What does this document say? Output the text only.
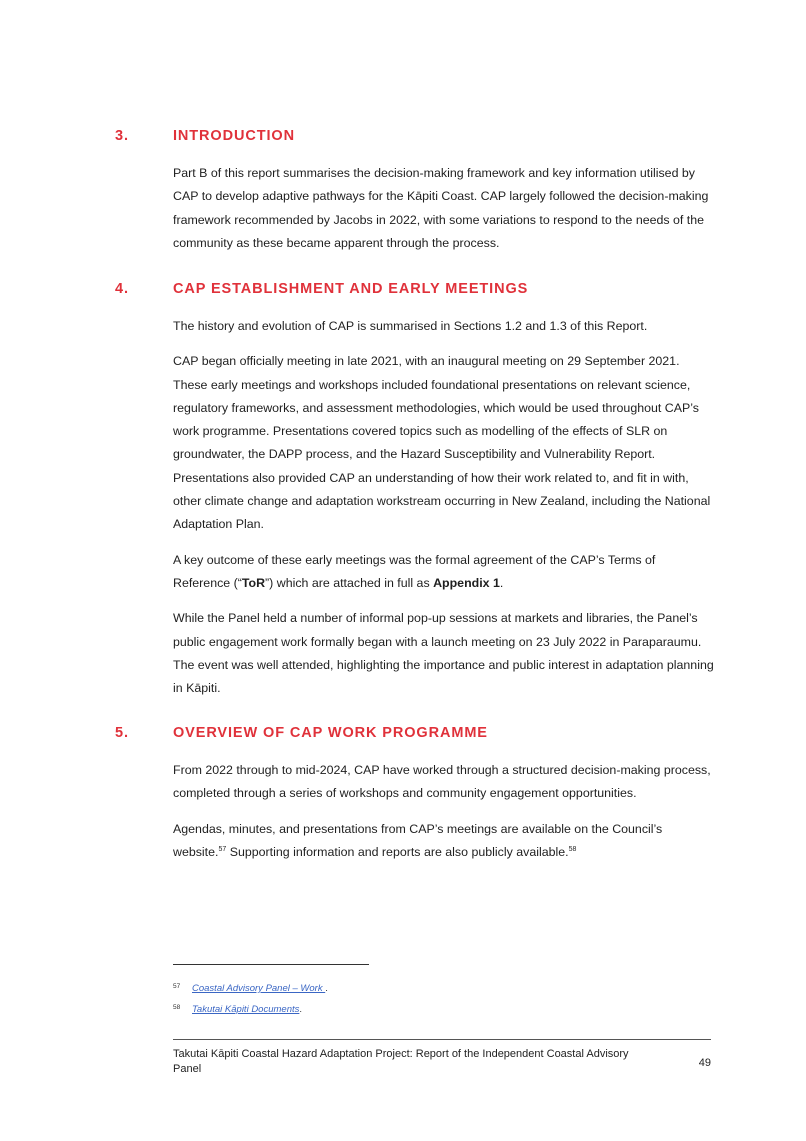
3.	INTRODUCTION

Part B of this report summarises the decision-making framework and key information utilised by CAP to develop adaptive pathways for the Kāpiti Coast. CAP largely followed the decision-making framework recommended by Jacobs in 2022, with some variations to respond to the needs of the community as these became apparent through the process.

4.	CAP ESTABLISHMENT AND EARLY MEETINGS

The history and evolution of CAP is summarised in Sections 1.2 and 1.3 of this Report.

CAP began officially meeting in late 2021, with an inaugural meeting on 29 September 2021. These early meetings and workshops included foundational presentations on relevant science, regulatory frameworks, and assessment methodologies, which would be used throughout CAP’s work programme. Presentations covered topics such as modelling of the effects of SLR on groundwater, the DAPP process, and the Hazard Susceptibility and Vulnerability Report. Presentations also provided CAP an understanding of how their work related to, and fit in with, other climate change and adaptation workstream occurring in New Zealand, including the National Adaptation Plan.

A key outcome of these early meetings was the formal agreement of the CAP’s Terms of Reference (“ToR”) which are attached in full as Appendix 1.

While the Panel held a number of informal pop-up sessions at markets and libraries, the Panel’s public engagement work formally began with a launch meeting on 23 July 2022 in Paraparaumu. The event was well attended, highlighting the importance and public interest in adaptation planning in Kāpiti.

5.	OVERVIEW OF CAP WORK PROGRAMME

From 2022 through to mid-2024, CAP have worked through a structured decision-making process, completed through a series of workshops and community engagement opportunities.

Agendas, minutes, and presentations from CAP’s meetings are available on the Council’s website.$^{57}$ Supporting information and reports are also publicly available.$^{58}$

57	Coastal Advisory Panel – Work .
58	Takutai Kāpiti Documents.
Takutai Kāpiti Coastal Hazard Adaptation Project: Report of the Independent Coastal Advisory Panel	49
